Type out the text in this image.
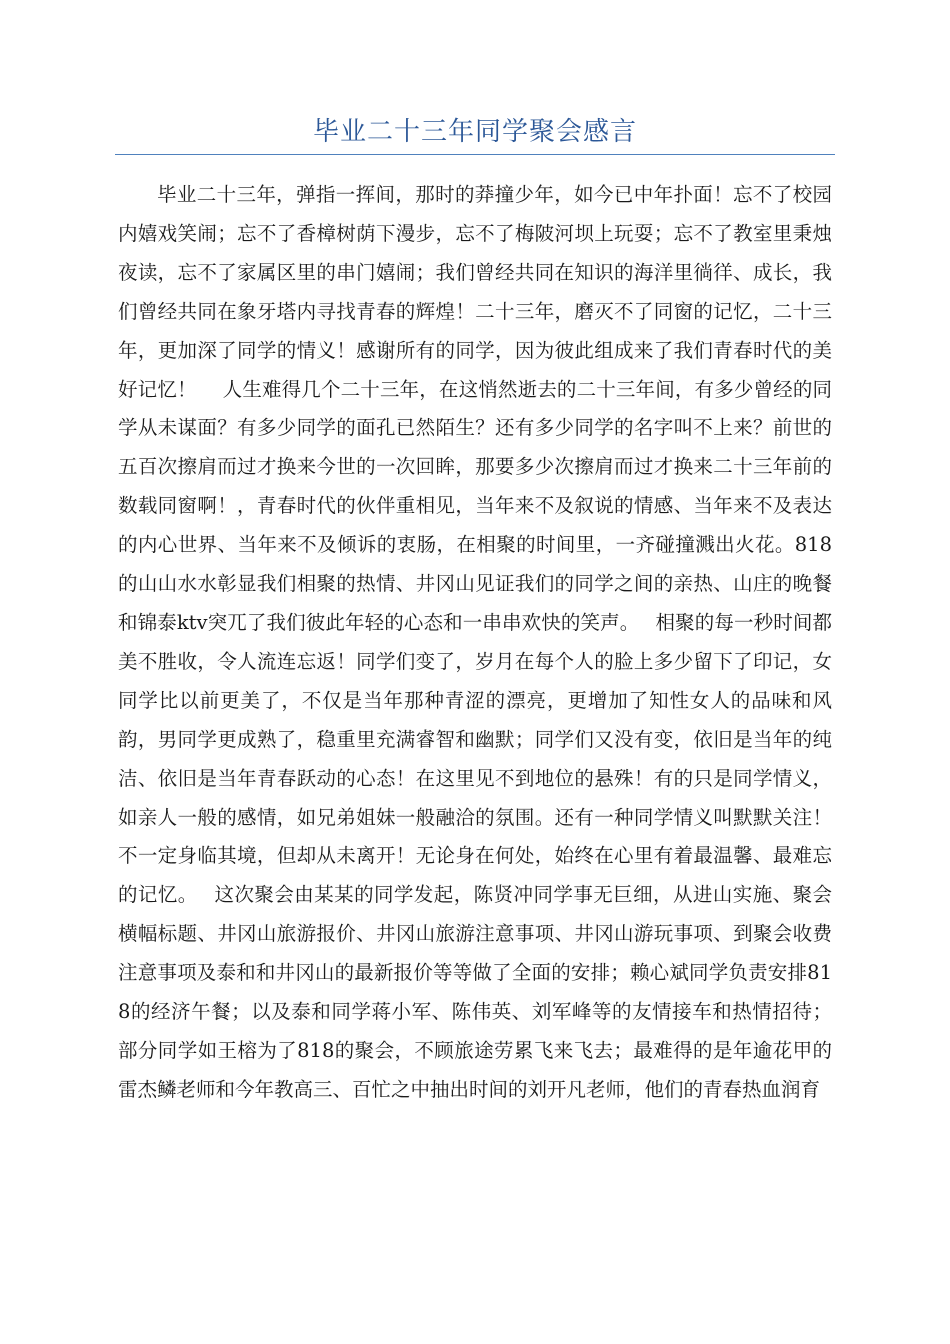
毕业二十三年同学聚会感言

毕业二十三年，弹指一挥间，那时的莽撞少年，如今已中年扑面！忘不了校园内嬉戏笑闹；忘不了香樟树荫下漫步，忘不了梅陂河坝上玩耍；忘不了教室里秉烛夜读，忘不了家属区里的串门嬉闹；我们曾经共同在知识的海洋里徜徉、成长，我们曾经共同在象牙塔内寻找青春的辉煌！二十三年，磨灭不了同窗的记忆，二十三年，更加深了同学的情义！感谢所有的同学，因为彼此组成来了我们青春时代的美好记忆！　 人生难得几个二十三年，在这悄然逝去的二十三年间，有多少曾经的同学从未谋面？有多少同学的面孔已然陌生？还有多少同学的名字叫不上来？前世的五百次擦肩而过才换来今世的一次回眸，那要多少次擦肩而过才换来二十三年前的数载同窗啊！，青春时代的伙伴重相见，当年来不及叙说的情感、当年来不及表达的内心世界、当年来不及倾诉的衷肠，在相聚的时间里，一齐碰撞溅出火花。818的山山水水彰显我们相聚的热情、井冈山见证我们的同学之间的亲热、山庄的晚餐和锦泰ktv突兀了我们彼此年轻的心态和一串串欢快的笑声。　 相聚的每一秒时间都美不胜收，令人流连忘返！同学们变了，岁月在每个人的脸上多少留下了印记，女同学比以前更美了，不仅是当年那种青涩的漂亮，更增加了知性女人的品味和风韵，男同学更成熟了，稳重里充满睿智和幽默；同学们又没有变，依旧是当年的纯洁、依旧是当年青春跃动的心态！在这里见不到地位的悬殊！有的只是同学情义，如亲人一般的感情，如兄弟姐妹一般融洽的氛围。还有一种同学情义叫默默关注！不一定身临其境，但却从未离开！无论身在何处，始终在心里有着最温馨、最难忘的记忆。　 这次聚会由某某的同学发起，陈贤冲同学事无巨细，从进山实施、聚会横幅标题、井冈山旅游报价、井冈山旅游注意事项、井冈山游玩事项、到聚会收费注意事项及泰和和井冈山的最新报价等等做了全面的安排；赖心斌同学负责安排818的经济午餐；以及泰和同学蒋小军、陈伟英、刘军峰等的友情接车和热情招待；部分同学如王榕为了818的聚会，不顾旅途劳累飞来飞去；最难得的是年逾花甲的雷杰鳞老师和今年教高三、百忙之中抽出时间的刘开凡老师，他们的青春热血润育
